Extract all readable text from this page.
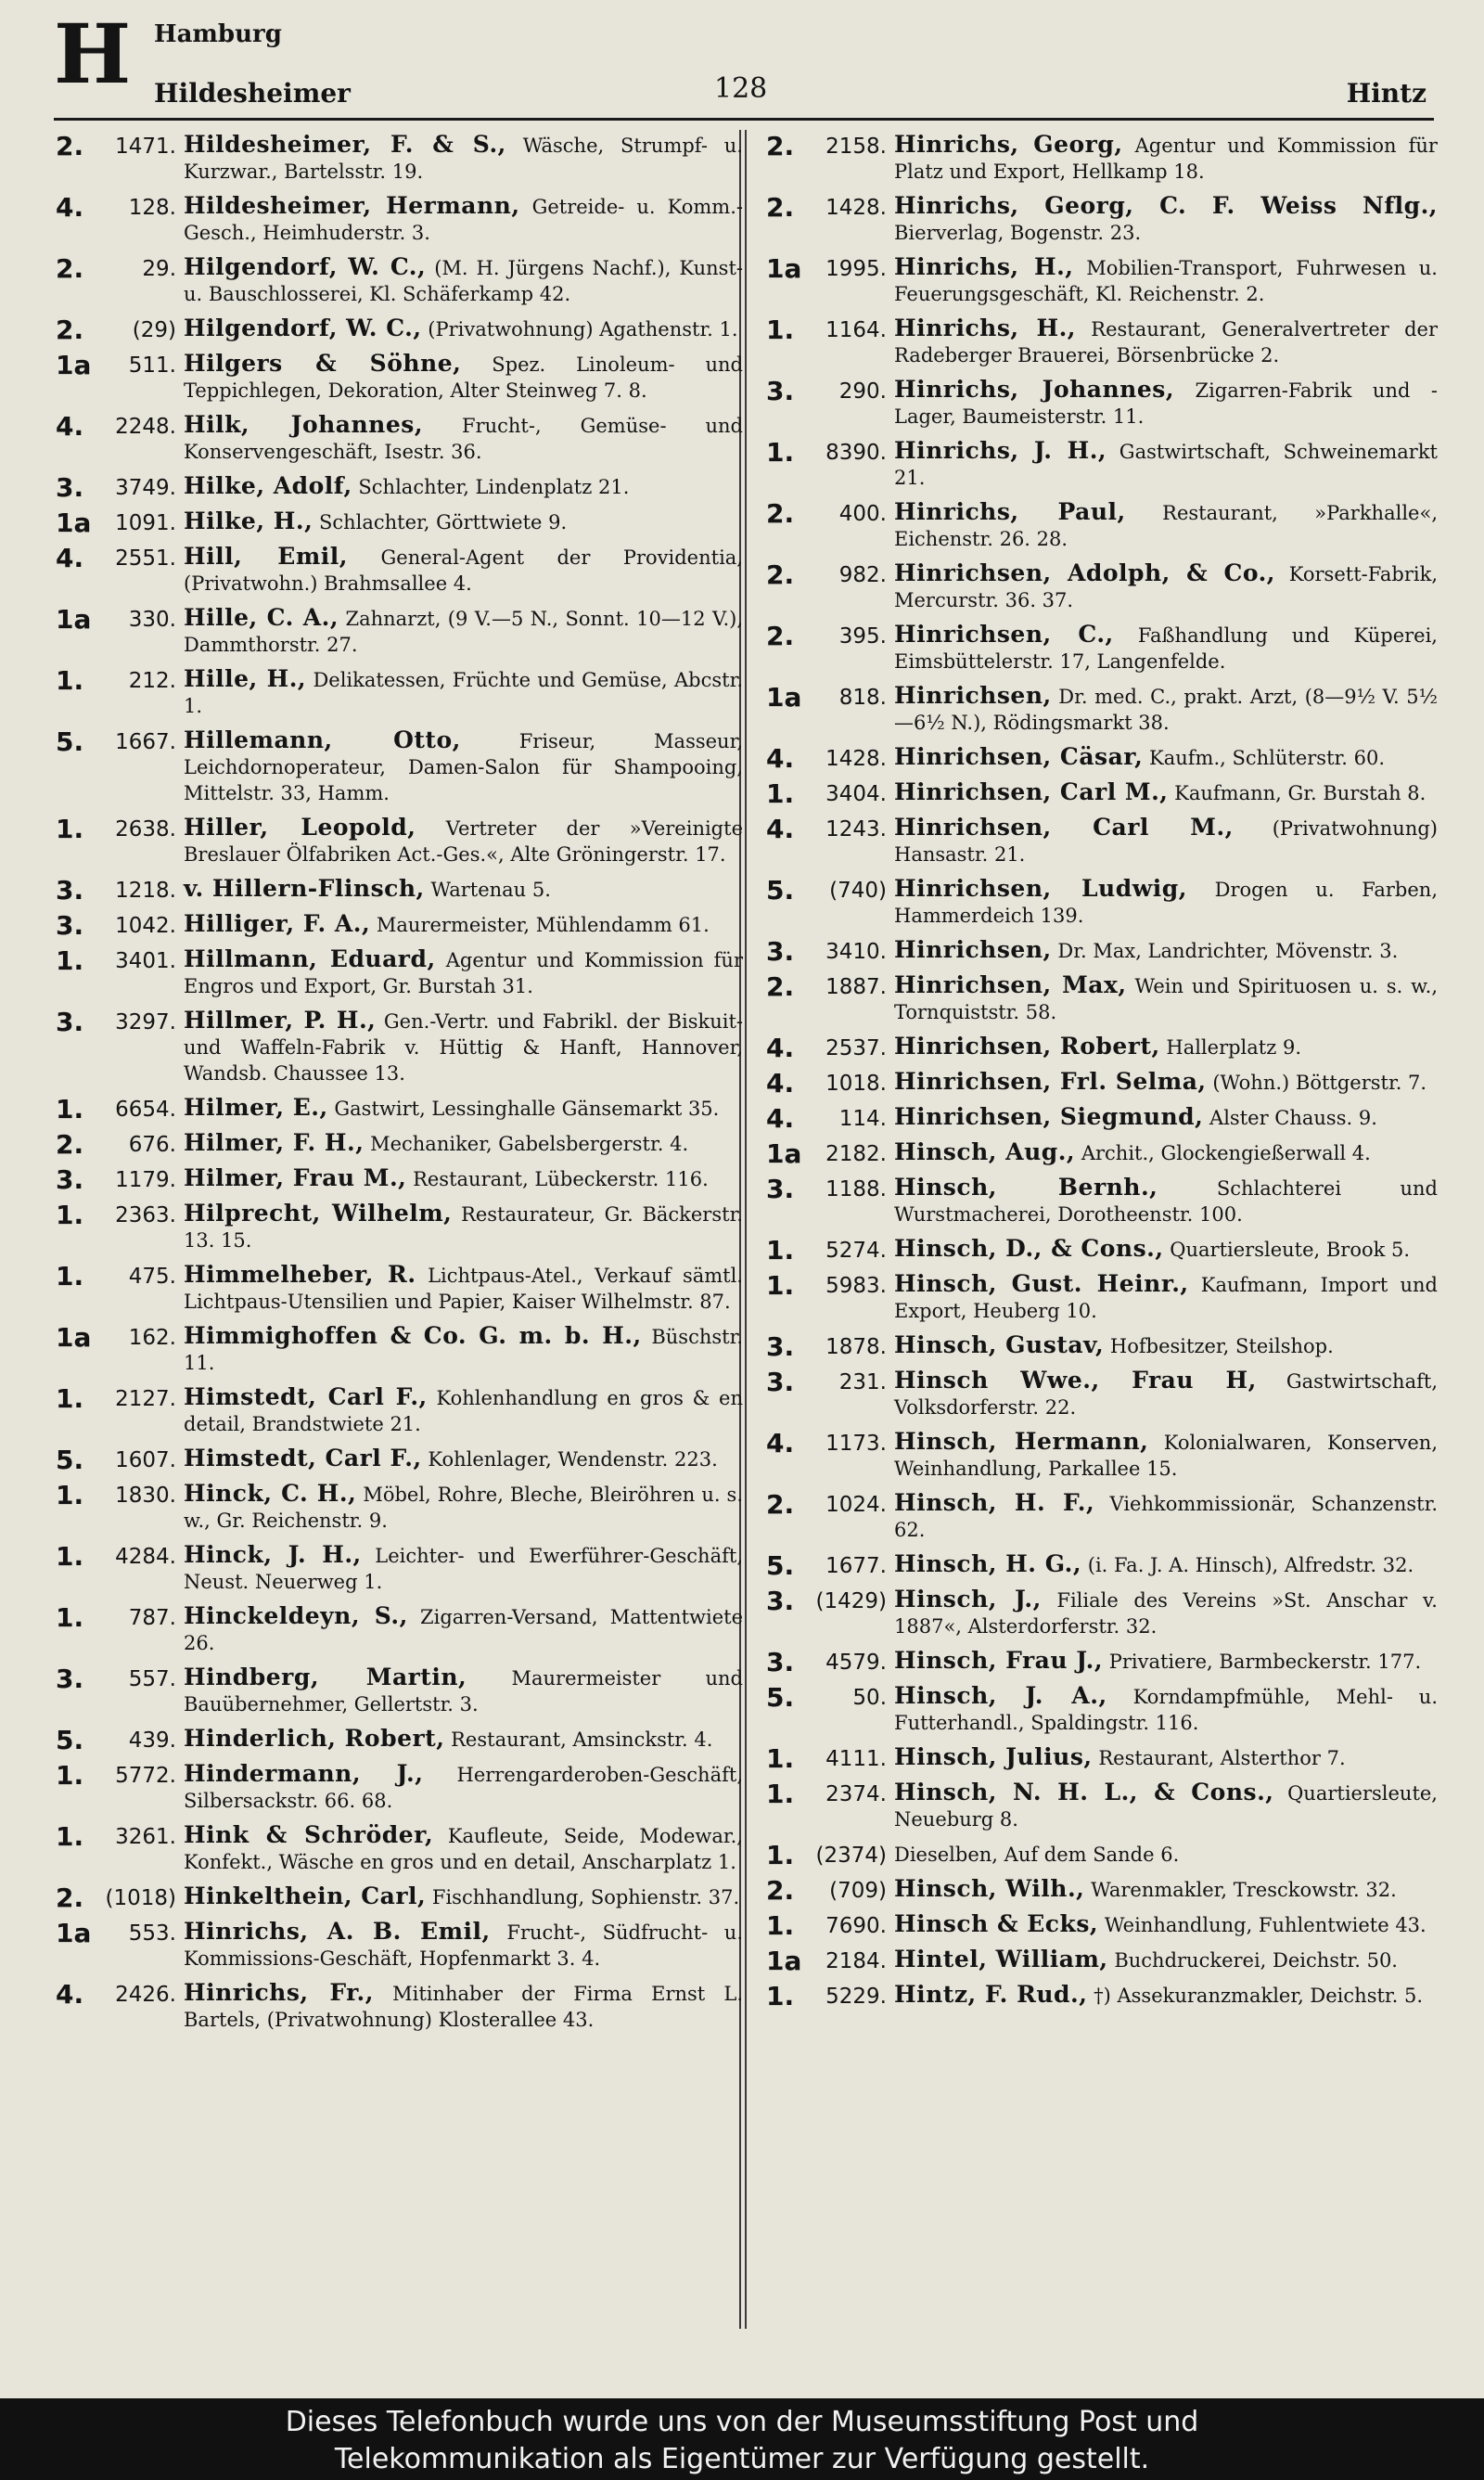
H Hamburg
Hildesheimer	128	Hintz
2.	1471. Hildesheimer, F. & S., Wäsche, Strumpf- u. Kurzwar., Bartelsstr. 19.
4.	128. Hildesheimer, Hermann, Getreide- u. Komm.-Gesch., Heimhuderstr. 3.
2.	29. Hilgendorf, W. C., (M. H. Jürgens Nachf.), Kunst- u. Bauschlosserei, Kl. Schäferkamp 42.
2.	(29) Hilgendorf, W. C., (Privatwohnung) Agathenstr. 1.
1a	511. Hilgers & Söhne, Spez. Linoleum- und Teppichlegen, Dekoration, Alter Steinweg 7. 8.
4.	2248. Hilk, Johannes, Frucht-, Gemüse- und Konservengeschäft, Isestr. 36.
3.	3749. Hilke, Adolf, Schlachter, Lindenplatz 21.
1a	1091. Hilke, H., Schlachter, Görttwiete 9.
4.	2551. Hill, Emil, General-Agent der Providentia, (Privatwohn.) Brahmsallee 4.
1a	330. Hille, C. A., Zahnarzt, (9 V.—5 N., Sonnt. 10—12 V.), Dammthorstr. 27.
1.	212. Hille, H., Delikatessen, Früchte und Gemüse, Abcstr. 1.
5.	1667. Hillemann, Otto,	Friseur, Masseur, Leichdornoperateur, Damen-Salon für Shampooing, Mittelstr. 33, Hamm.
1.	2638. Hiller, Leopold, Vertreter der »Vereinigte Breslauer Ölfabriken Act.-Ges.«, Alte Gröningerstr. 17.
3.	1218. v. Hillern-Flinsch, Wartenau 5.
3.	1042. Hilliger, F. A., Maurermeister, Mühlendamm 61.
1.	3401. Hillmann, Eduard, Agentur und Kommission für Engros und Export, Gr. Burstah 31.
3.	3297. Hillmer, P. H., Gen.-Vertr. und Fabrikl. der Biskuit- und Waffeln-Fabrik v. Hüttig & Hanft, Hannover, Wandsb. Chaussee 13.
1.	6654. Hilmer, E., Gastwirt, Lessinghalle Gänsemarkt 35.
2.	676. Hilmer, F. H., Mechaniker, Gabelsbergerstr. 4.
3.	1179. Hilmer, Frau M., Restaurant, Lübeckerstr. 116.
1.	2363. Hilprecht, Wilhelm, Restaurateur, Gr. Bäckerstr. 13. 15.
1.	475. Himmelheber, R. Lichtpaus-Atel., Verkauf sämtl. Lichtpaus-Utensilien und Papier, Kaiser Wilhelmstr. 87.
1a	162. Himmighoffen & Co. G. m. b. H., Büschstr. 11.
1.	2127. Himstedt, Carl F., Kohlenhandlung en gros & en detail, Brandstwiete 21.
5.	1607. Himstedt, Carl F., Kohlenlager, Wendenstr. 223.
1.	1830. Hinck, C. H., Möbel, Rohre, Bleche, Bleiröhren u. s. w., Gr. Reichenstr. 9.
1.	4284. Hinck, J. H., Leichter- und Ewerführer-Geschäft, Neust. Neuerweg 1.
1.	787. Hinckeldeyn, S., Zigarren-Versand, Mattentwiete 26.
3.	557. Hindberg, Martin, Maurermeister und Bauübernehmer, Gellertstr. 3.
5.	439. Hinderlich, Robert, Restaurant, Amsinckstr. 4.
1.	5772. Hindermann, J., Herrengarderoben-Geschäft, Silbersackstr. 66. 68.
1.	3261. Hink & Schröder, Kaufleute, Seide, Modewar., Konfekt., Wäsche en gros und en detail, Anscharplatz 1.
2.	(1018) Hinkelthein, Carl, Fischhandlung, Sophienstr. 37.
1a	553. Hinrichs, A. B. Emil, Frucht-, Südfrucht- u. Kommissions-Geschäft, Hopfenmarkt 3. 4.
4.	2426. Hinrichs, Fr., Mitinhaber der Firma Ernst L. Bartels, (Privatwohnung) Klosterallee 43.
2.	2158. Hinrichs, Georg, Agentur und Kommission für Platz und Export, Hellkamp 18.
2.	1428. Hinrichs, Georg, C. F. Weiss Nflg., Bierverlag, Bogenstr. 23.
1a	1995. Hinrichs, H., Mobilien-Transport, Fuhrwesen u. Feuerungsgeschäft, Kl. Reichenstr. 2.
1.	1164. Hinrichs, H., Restaurant, Generalvertreter der Radeberger Brauerei, Börsenbrücke 2.
3.	290. Hinrichs, Johannes, Zigarren-Fabrik und -Lager, Baumeisterstr. 11.
1.	8390. Hinrichs, J. H., Gastwirtschaft, Schweinemarkt 21.
2.	400. Hinrichs, Paul, Restaurant, »Parkhalle«, Eichenstr. 26. 28.
2.	982. Hinrichsen, Adolph, & Co., Korsett-Fabrik, Mercurstr. 36. 37.
2.	395. Hinrichsen, C., Faßhandlung und Küperei, Eimsbüttelerstr. 17, Langenfelde.
1a	818. Hinrichsen, Dr. med. C., prakt. Arzt, (8—9½ V. 5½—6½ N.), Rödingsmarkt 38.
4.	1428. Hinrichsen, Cäsar, Kaufm., Schlüterstr. 60.
1.	3404. Hinrichsen, Carl M., Kaufmann, Gr. Burstah 8.
4.	1243. Hinrichsen, Carl M., (Privatwohnung) Hansastr. 21.
5.	(740) Hinrichsen, Ludwig, Drogen u. Farben, Hammerdeich 139.
3.	3410. Hinrichsen, Dr. Max, Landrichter, Mövenstr. 3.
2.	1887. Hinrichsen, Max, Wein und Spirituosen u. s. w., Tornquiststr. 58.
4.	2537. Hinrichsen, Robert, Hallerplatz 9.
4.	1018. Hinrichsen, Frl. Selma, (Wohn.) Böttgerstr. 7.
4.	114. Hinrichsen, Siegmund, Alster Chauss. 9.
1a	2182. Hinsch, Aug., Archit., Glockengießerwall 4.
3.	1188. Hinsch, Bernh.,	Schlachterei und Wurstmacherei, Dorotheenstr. 100.
1.	5274. Hinsch, D., & Cons., Quartiersleute, Brook 5.
1.	5983. Hinsch, Gust. Heinr., Kaufmann, Import und Export, Heuberg 10.
3.	1878. Hinsch, Gustav, Hofbesitzer, Steilshop.
3.	231. Hinsch Wwe., Frau H, Gastwirtschaft, Volksdorferstr. 22.
4.	1173. Hinsch, Hermann, Kolonialwaren, Konserven, Weinhandlung, Parkallee 15.
2.	1024. Hinsch, H. F., Viehkommissionär, Schanzenstr. 62.
5.	1677. Hinsch, H. G., (i. Fa. J. A. Hinsch), Alfredstr. 32.
3.	(1429) Hinsch, J., Filiale des Vereins »St. Anschar v. 1887«, Alsterdorferstr. 32.
3.	4579. Hinsch, Frau J., Privatiere, Barmbeckerstr. 177.
5.	50. Hinsch, J. A., Korndampfmühle, Mehl- u. Futterhandl., Spaldingstr. 116.
1.	4111. Hinsch, Julius, Restaurant, Alsterthor 7.
1.	2374. Hinsch, N. H. L., & Cons., Quartiersleute, Neueburg 8.
1.	(2374) Dieselben, Auf dem Sande 6.
2.	(709) Hinsch, Wilh., Warenmakler, Tresckowstr. 32.
1.	7690. Hinsch & Ecks, Weinhandlung, Fuhlentwiete 43.
1a	2184. Hintel, William, Buchdruckerei, Deichstr. 50.
1.	5229. Hintz, F. Rud., †) Assekuranzmakler, Deichstr. 5.
Dieses Telefonbuch wurde uns von der Museumsstiftung Post und
Telekommunikation als Eigentümer zur Verfügung gestellt.
